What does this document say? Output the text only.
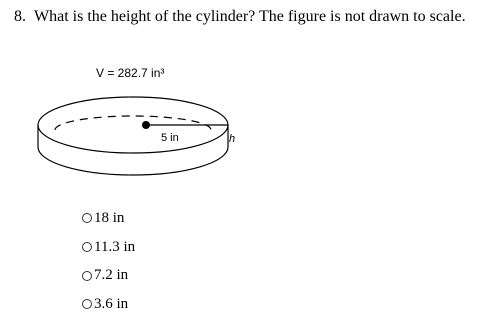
8. What is the height of the cylinder? The figure is not drawn to scale.
V = 282.7 in³
5 in	h
18 in
11.3 in
7.2 in
3.6 in
